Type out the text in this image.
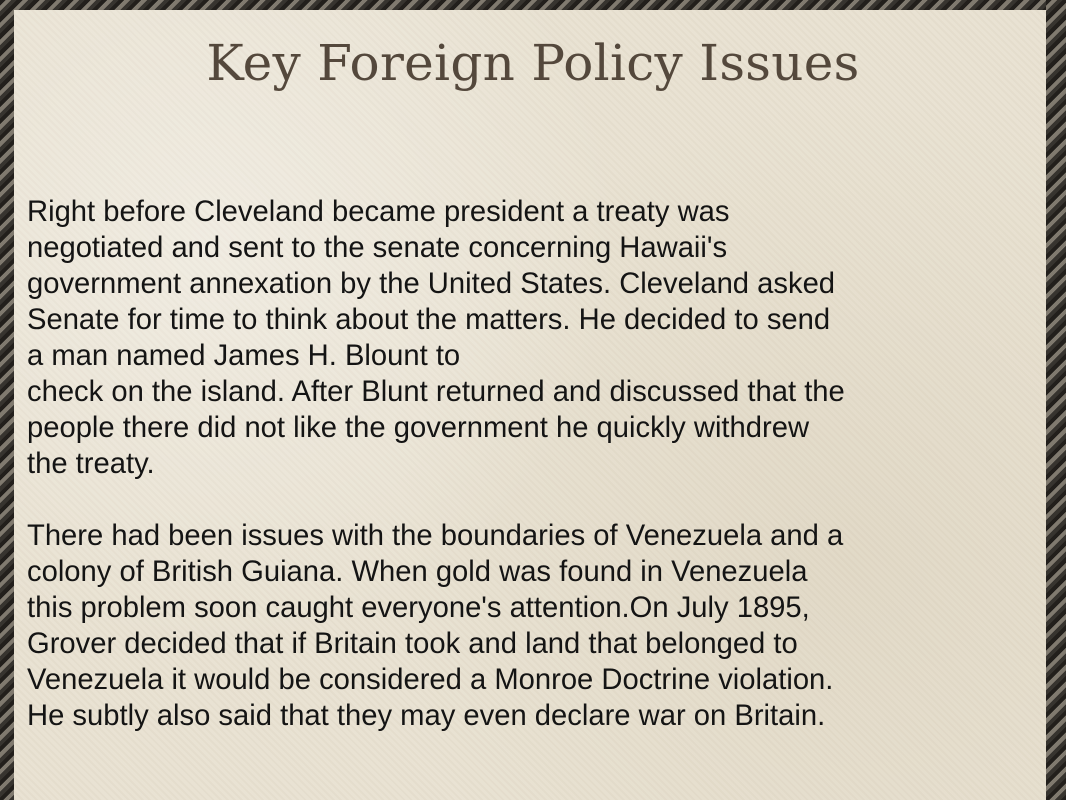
Key Foreign Policy Issues
Right before Cleveland became president a treaty was
negotiated and sent to the senate concerning Hawaii's
government annexation by the United States. Cleveland asked
Senate for time to think about the matters. He decided to send
a man named James H. Blount to
check on the island. After Blunt returned and discussed that the
people there did not like the government he quickly withdrew
the treaty.
There had been issues with the boundaries of Venezuela and a
colony of British Guiana. When gold was found in Venezuela
this problem soon caught everyone's attention.On July 1895,
Grover decided that if Britain took and land that belonged to
Venezuela it would be considered a Monroe Doctrine violation.
He subtly also said that they may even declare war on Britain.
